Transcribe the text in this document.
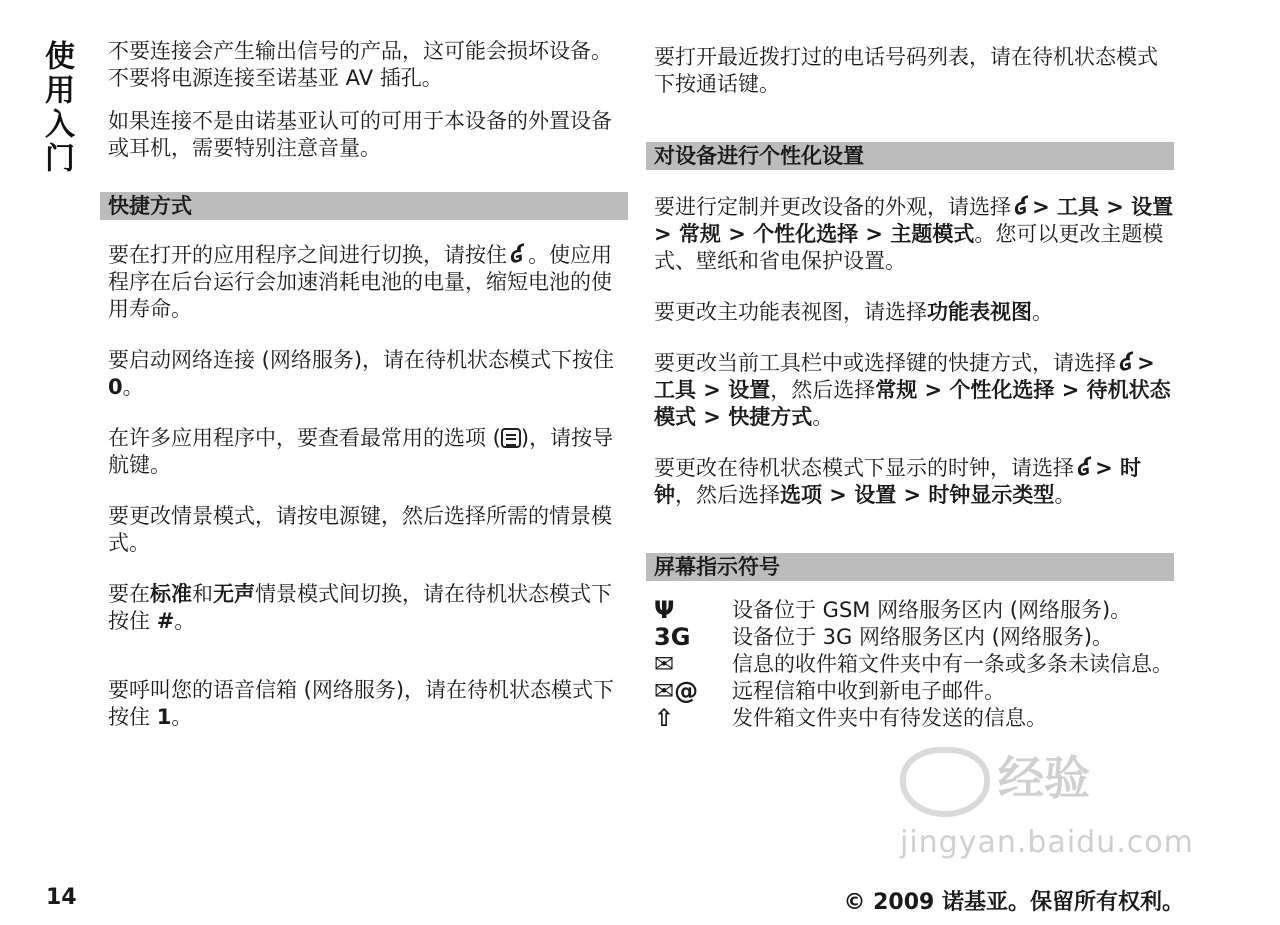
使用入门 不要连接会产生输出信号的产品，这可能会损坏设备。不要将电源连接至诺基亚 AV 插孔。

如果连接不是由诺基亚认可的可用于本设备的外置设备或耳机，需要特别注意音量。

快捷方式

要在打开的应用程序之间进行切换，请按住ʛ。使应用程序在后台运行会加速消耗电池的电量，缩短电池的使用寿命。

要启动网络连接 (网络服务)，请在待机状态模式下按住 0。

在许多应用程序中，要查看最常用的选项 ( )，请按导航键。

要更改情景模式，请按电源键，然后选择所需的情景模式。

要在标准和无声情景模式间切换，请在待机状态模式下按住 #。

要呼叫您的语音信箱 (网络服务)，请在待机状态模式下按住 1。

要打开最近拨打过的电话号码列表，请在待机状态模式下按通话键。

对设备进行个性化设置

要进行定制并更改设备的外观，请选择ʛ> 工具 > 设置 > 常规 > 个性化选择 > 主题模式。您可以更改主题模式、壁纸和省电保护设置。

要更改主功能表视图，请选择功能表视图。

要更改当前工具栏中或选择键的快捷方式，请选择ʛ> 工具 > 设置，然后选择常规 > 个性化选择 > 待机状态模式 > 快捷方式。

要更改在待机状态模式下显示的时钟，请选择ʛ> 时钟，然后选择选项 > 设置 > 时钟显示类型。

屏幕指示符号
Ψ	设备位于 GSM 网络服务区内 (网络服务)。
3G	设备位于 3G 网络服务区内 (网络服务)。
✉	信息的收件箱文件夹中有一条或多条未读信息。
✉@	远程信箱中收到新电子邮件。
⇧	发件箱文件夹中有待发送的信息。
经验
jingyan.baidu.com
14	© 2009 诺基亚。保留所有权利。
